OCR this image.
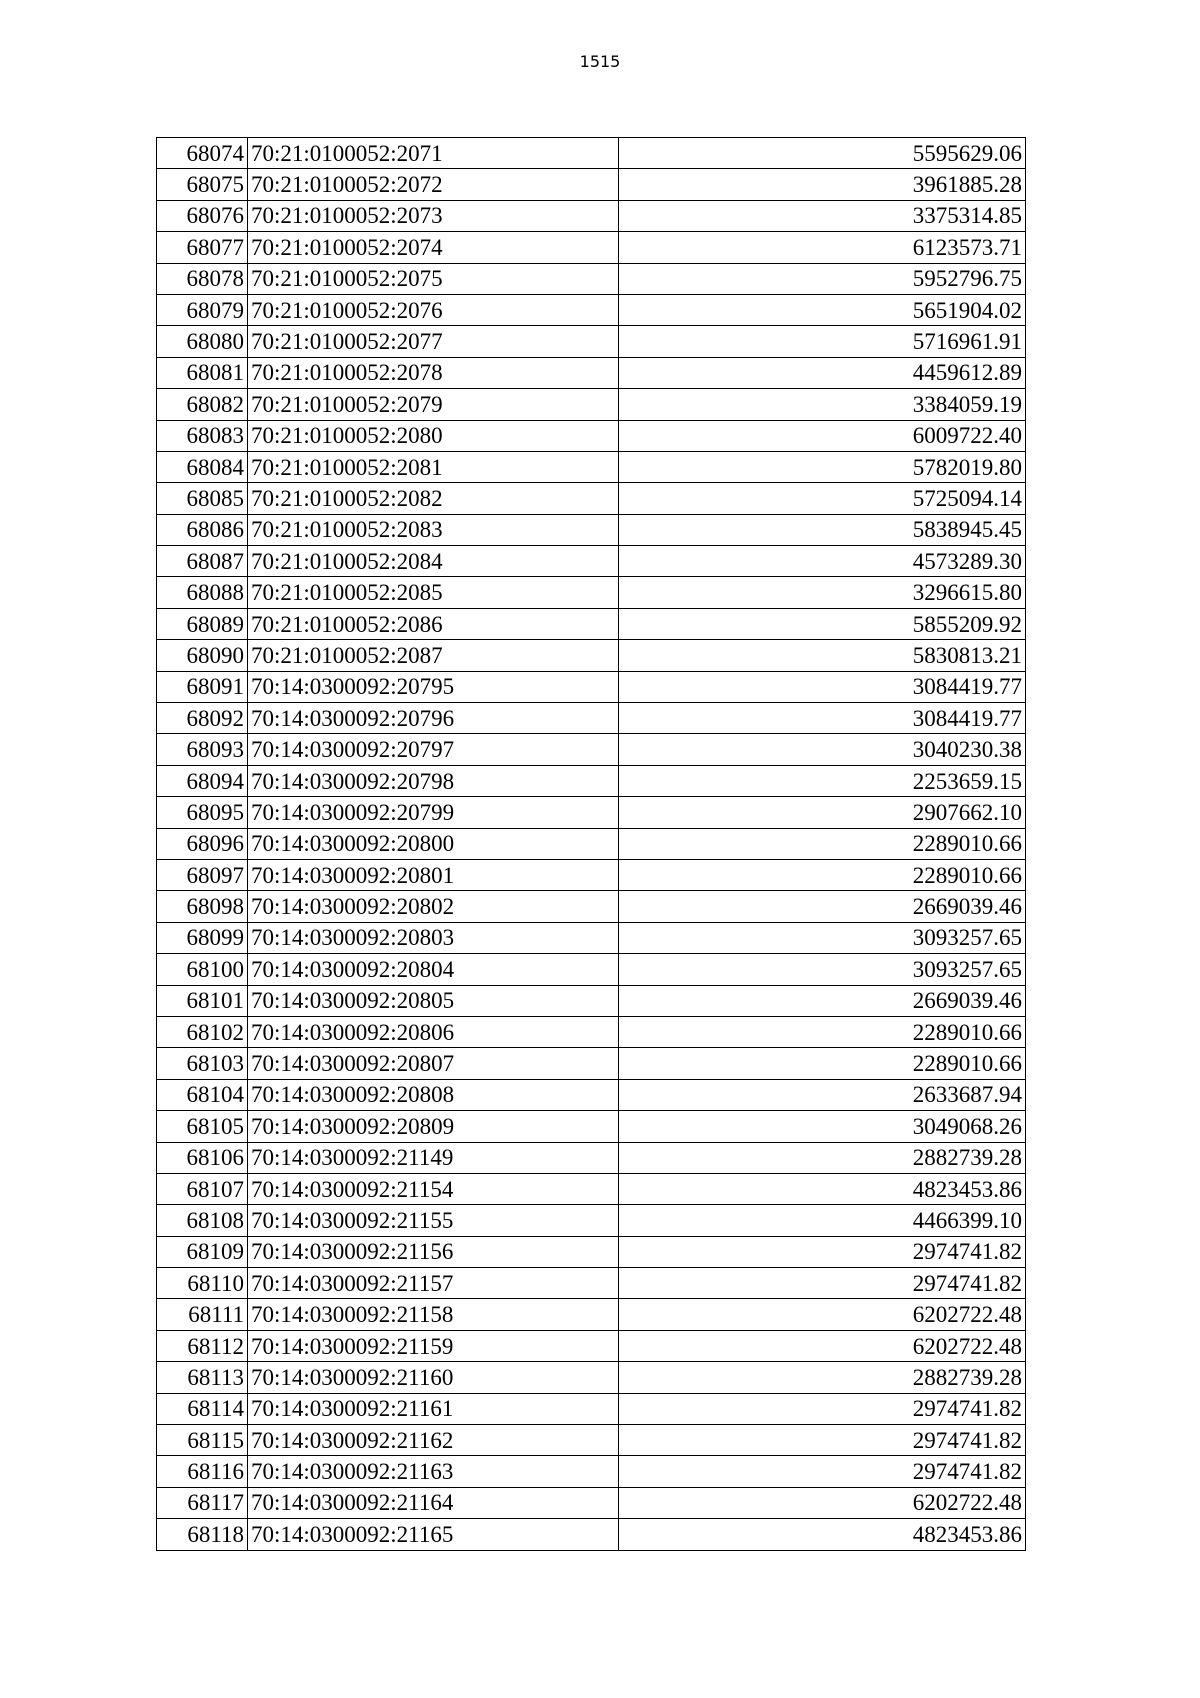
1515
68074	70:21:0100052:2071	5595629.06
68075	70:21:0100052:2072	3961885.28
68076	70:21:0100052:2073	3375314.85
68077	70:21:0100052:2074	6123573.71
68078	70:21:0100052:2075	5952796.75
68079	70:21:0100052:2076	5651904.02
68080	70:21:0100052:2077	5716961.91
68081	70:21:0100052:2078	4459612.89
68082	70:21:0100052:2079	3384059.19
68083	70:21:0100052:2080	6009722.40
68084	70:21:0100052:2081	5782019.80
68085	70:21:0100052:2082	5725094.14
68086	70:21:0100052:2083	5838945.45
68087	70:21:0100052:2084	4573289.30
68088	70:21:0100052:2085	3296615.80
68089	70:21:0100052:2086	5855209.92
68090	70:21:0100052:2087	5830813.21
68091	70:14:0300092:20795	3084419.77
68092	70:14:0300092:20796	3084419.77
68093	70:14:0300092:20797	3040230.38
68094	70:14:0300092:20798	2253659.15
68095	70:14:0300092:20799	2907662.10
68096	70:14:0300092:20800	2289010.66
68097	70:14:0300092:20801	2289010.66
68098	70:14:0300092:20802	2669039.46
68099	70:14:0300092:20803	3093257.65
68100	70:14:0300092:20804	3093257.65
68101	70:14:0300092:20805	2669039.46
68102	70:14:0300092:20806	2289010.66
68103	70:14:0300092:20807	2289010.66
68104	70:14:0300092:20808	2633687.94
68105	70:14:0300092:20809	3049068.26
68106	70:14:0300092:21149	2882739.28
68107	70:14:0300092:21154	4823453.86
68108	70:14:0300092:21155	4466399.10
68109	70:14:0300092:21156	2974741.82
68110	70:14:0300092:21157	2974741.82
68111	70:14:0300092:21158	6202722.48
68112	70:14:0300092:21159	6202722.48
68113	70:14:0300092:21160	2882739.28
68114	70:14:0300092:21161	2974741.82
68115	70:14:0300092:21162	2974741.82
68116	70:14:0300092:21163	2974741.82
68117	70:14:0300092:21164	6202722.48
68118	70:14:0300092:21165	4823453.86
